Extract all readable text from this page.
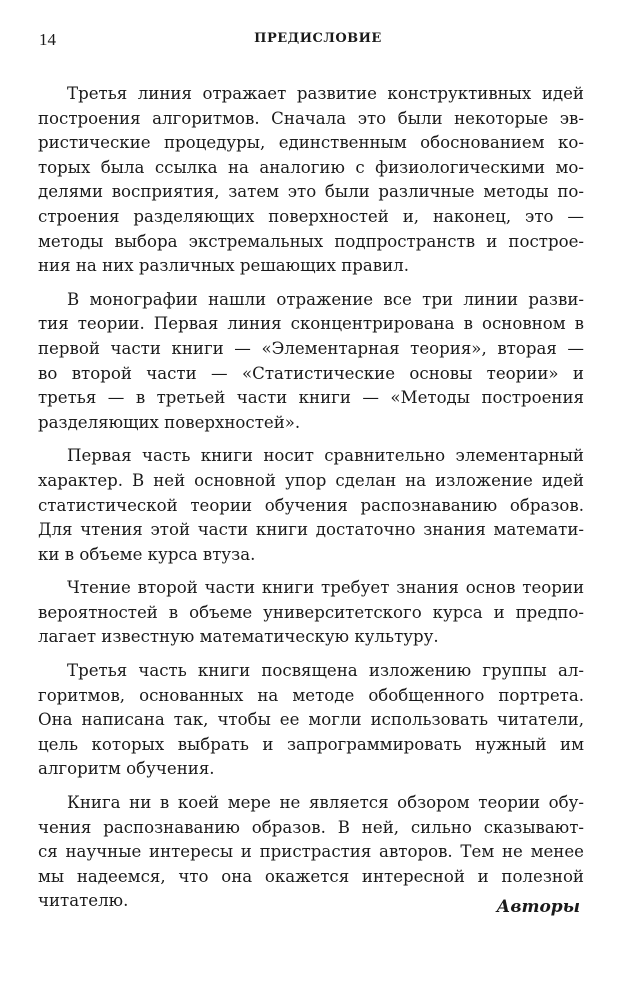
14	ПРЕДИСЛОВИЕ

Третья линия отражает развитие конструктивных идей
построения алгоритмов. Сначала это были некоторые эв-
ристические процедуры, единственным обоснованием ко-
торых была ссылка на аналогию с физиологическими мо-
делями восприятия, затем это были различные методы по-
строения разделяющих поверхностей и, наконец, это —
методы выбора экстремальных подпространств и построе-
ния на них различных решающих правил.

В монографии нашли отражение все три линии разви-
тия теории. Первая линия сконцентрирована в основном в
первой части книги — «Элементарная теория», вторая —
во второй части — «Статистические основы теории» и
третья — в третьей части книги — «Методы построения
разделяющих поверхностей».

Первая часть книги носит сравнительно элементарный
характер. В ней основной упор сделан на изложение идей
статистической теории обучения распознаванию образов.
Для чтения этой части книги достаточно знания математи-
ки в объеме курса втуза.

Чтение второй части книги требует знания основ теории
вероятностей в объеме университетского курса и предпо-
лагает известную математическую культуру.

Третья часть книги посвящена изложению группы ал-
горитмов, основанных на методе обобщенного портрета.
Она написана так, чтобы ее могли использовать читатели,
цель которых выбрать и запрограммировать нужный им
алгоритм обучения.

Книга ни в коей мере не является обзором теории обу-
чения распознаванию образов. В ней, сильно сказывают-
ся научные интересы и пристрастия авторов. Тем не менее
мы надеемся, что она окажется интересной и полезной
читателю.	Авторы
